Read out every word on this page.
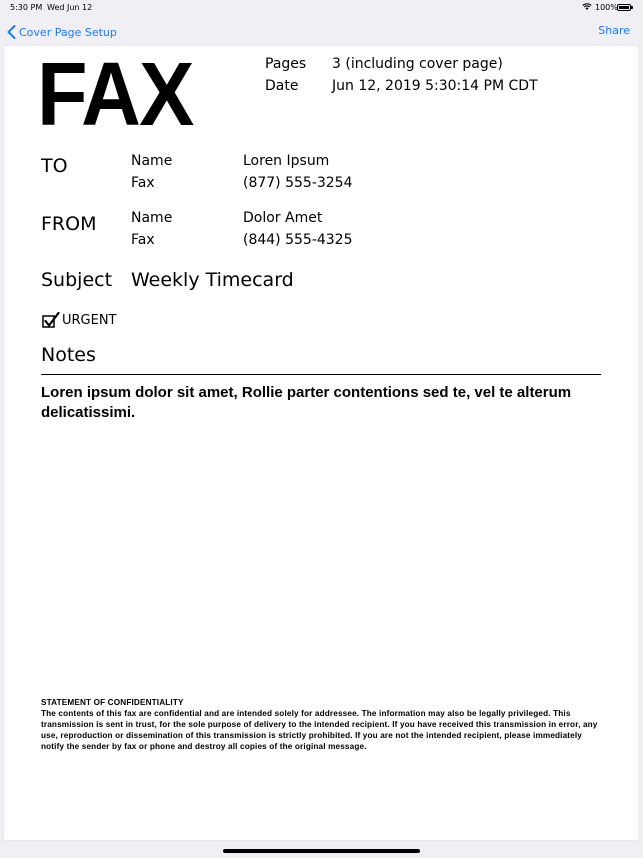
5:30 PM Wed Jun 12	100%
Cover Page Setup	Share
FAX	Pages 3 (including cover page)
Date Jun 12, 2019 5:30:14 PM CDT
TO	Name	Loren Ipsum
Fax	(877) 555-3254
FROM Name	Dolor Amet
Fax	(844) 555-4325
Subject Weekly Timecard
URGENT
Notes
Loren ipsum dolor sit amet, Rollie parter contentions sed te, vel te alterum delicatissimi.
STATEMENT OF CONFIDENTIALITY
The contents of this fax are confidential and are intended solely for addressee. The information may also be legally privileged. This transmission is sent in trust, for the sole purpose of delivery to the intended recipient. If you have received this transmission in error, any use, reproduction or dissemination of this transmission is strictly prohibited. If you are not the intended recipient, please immediately notify the sender by fax or phone and destroy all copies of the original message.
